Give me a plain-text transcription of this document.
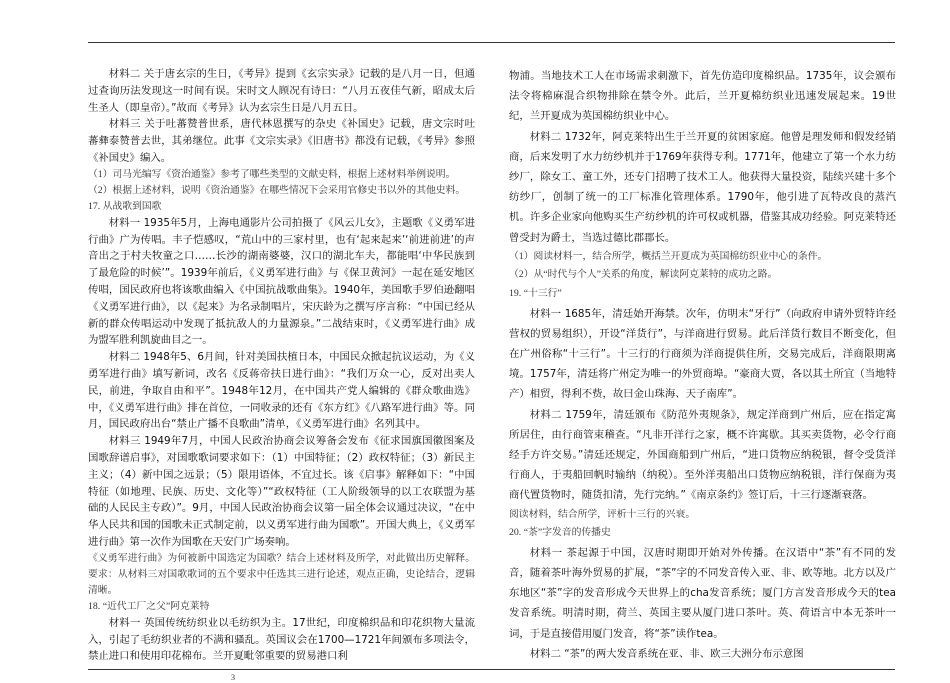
材料二 关于唐玄宗的生日，《考异》提到《玄宗实录》记载的是八月一日，但通过查询历法发现这一时间有误。宋时文人顾况有诗曰：“八月五夜佳气新，昭成太后生圣人（即皇帝）。”故而《考异》认为玄宗生日是八月五日。

材料三 关于吐蕃赞普世系，唐代林恩撰写的杂史《补国史》记载，唐文宗时吐蕃彝泰赞普去世，其弟继位。此事《文宗实录》《旧唐书》都没有记载，《考异》参照《补国史》编入。

（1）司马光编写《资治通鉴》参考了哪些类型的文献史料，根据上述材料举例说明。

（2）根据上述材料，说明《资治通鉴》在哪些情况下会采用官修史书以外的其他史料。

17. 从战歌到国歌

材料一 1935年5月，上海电通影片公司拍摄了《风云儿女》，主题歌《义勇军进行曲》广为传唱。丰子恺感叹，“荒山中的三家村里，也有‘起来起来’‘前进前进’的声音出之于村夫牧童之口……长沙的湖南婆婆，汉口的湖北车夫，都能唱‘中华民族到了最危险的时候’”。1939年前后，《义勇军进行曲》与《保卫黄河》一起在延安地区传唱，国民政府也将该歌曲编入《中国抗战歌曲集》。1940年，美国歌手罗伯逊翻唱《义勇军进行曲》，以《起来》为名录制唱片，宋庆龄为之撰写序言称：“中国已经从新的群众传唱运动中发现了抵抗敌人的力量源泉。”二战结束时，《义勇军进行曲》成为盟军胜利凯旋曲目之一。

材料二 1948年5、6月间，针对美国扶植日本，中国民众掀起抗议运动，为《义勇军进行曲》填写新词，改名《反蒋帝扶日进行曲》：“我们万众一心，反对出卖人民，前进，争取自由和平”。1948年12月，在中国共产党人编辑的《群众歌曲选》中，《义勇军进行曲》排在首位，一同收录的还有《东方红》《八路军进行曲》等。同月，国民政府出台“禁止广播不良歌曲”清单，《义勇军进行曲》名列其中。

材料三 1949年7月，中国人民政治协商会议筹备会发布《征求国旗国徽图案及国歌辞谱启事》，对国歌歌词要求如下：（1）中国特征；（2）政权特征；（3）新民主主义；（4）新中国之远景；（5）限用语体，不宜过长。该《启事》解释如下：“中国特征（如地理、民族、历史、文化等）”“政权特征（工人阶级领导的以工农联盟为基础的人民民主专政）”。9月，中国人民政治协商会议第一届全体会议通过决议，“在中华人民共和国的国歌未正式制定前，以义勇军进行曲为国歌”。开国大典上，《义勇军进行曲》第一次作为国歌在天安门广场奏响。

《义勇军进行曲》为何被新中国选定为国歌？结合上述材料及所学，对此做出历史解释。要求：从材料三对国歌歌词的五个要求中任选其三进行论述，观点正确，史论结合，逻辑清晰。

18. “近代工厂之父”阿克莱特

材料一 英国传统纺织业以毛纺织为主。17世纪，印度棉织品和印花织物大量流入，引起了毛纺织业者的不满和骚乱。英国议会在1700—1721年间颁布多项法令，禁止进口和使用印花棉布。兰开夏毗邻重要的贸易港口利

物浦。当地技术工人在市场需求刺激下，首先仿造印度棉织品。1735年，议会颁布法令将棉麻混合织物排除在禁令外。此后，兰开夏棉纺织业迅速发展起来。19世纪，兰开夏成为英国棉纺织业中心。

材料二 1732年，阿克莱特出生于兰开夏的贫困家庭。他曾是理发师和假发经销商，后来发明了水力纺纱机并于1769年获得专利。1771年，他建立了第一个水力纺纱厂，除女工、童工外，还专门招聘了技术工人。他获得大量投资，陆续兴建十多个纺纱厂，创制了统一的工厂标准化管理体系。1790年，他引进了瓦特改良的蒸汽机。许多企业家向他购买生产纺纱机的许可权或机器，借鉴其成功经验。阿克莱特还曾受封为爵士，当选过德比郡郡长。

（1）阅读材料一，结合所学，概括兰开夏成为英国棉纺织业中心的条件。

（2）从“时代与个人”关系的角度，解读阿克莱特的成功之路。

19. “十三行”

材料一 1685年，清廷始开海禁。次年，仿明末“牙行”（向政府申请外贸特许经营权的贸易组织），开设“洋货行”，与洋商进行贸易。此后洋货行数目不断变化，但在广州俗称“十三行”。十三行的行商须为洋商提供住所，交易完成后，洋商限期离境。1757年，清廷将广州定为唯一的外贸商埠。“豪商大贾，各以其土所宜（当地特产）相贸，得利不赀，故曰金山珠海、天子南库”。

材料二 1759年，清廷颁布《防范外夷规条》，规定洋商到广州后，应在指定寓所居住，由行商管束稽查。“凡非开洋行之家，概不许寓歇。其买卖货物，必令行商经手方许交易。”清廷还规定，外国商船到广州后，“进口货物应纳税银，督令受货洋行商人，于夷船回帆时输纳（纳税）。至外洋夷船出口货物应纳税银，洋行保商为夷商代置货物时，随货扣清，先行完纳。”《南京条约》签订后，十三行逐渐衰落。

阅读材料，结合所学，评析十三行的兴衰。

20. “茶”字发音的传播史

材料一 茶起源于中国，汉唐时期即开始对外传播。在汉语中“茶”有不同的发音，随着茶叶海外贸易的扩展，“茶”字的不同发音传入亚、非、欧等地。北方以及广东地区“茶”字的发音形成今天世界上的cha发音系统；厦门方言发音形成今天的tea发音系统。明清时期，荷兰、英国主要从厦门进口茶叶。英、荷语言中本无茶叶一词，于是直接借用厦门发音，将“茶”读作tea。

材料二 “茶”的两大发音系统在亚、非、欧三大洲分布示意图

3
